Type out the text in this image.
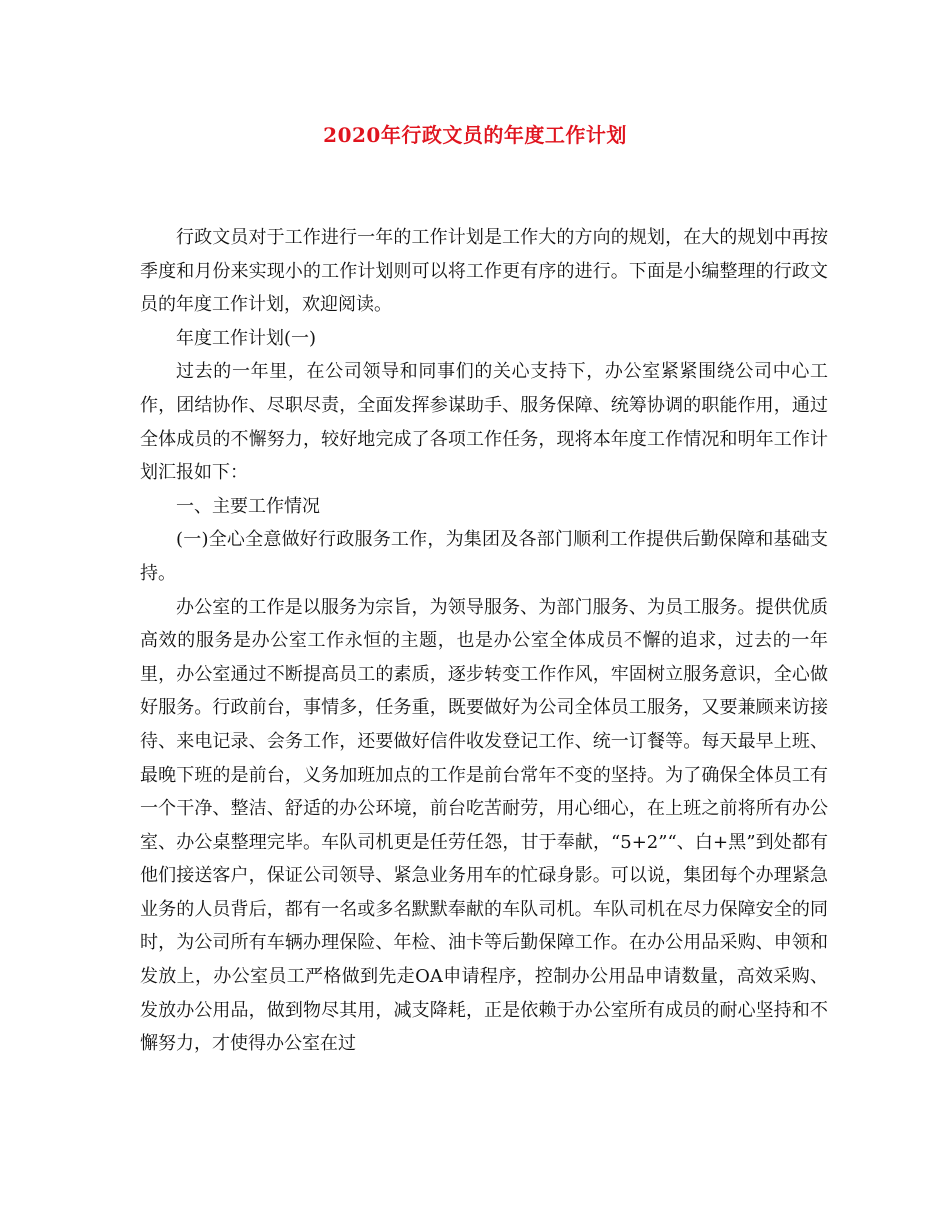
2020年行政文员的年度工作计划

行政文员对于工作进行一年的工作计划是工作大的方向的规划，在大的规划中再按季度和月份来实现小的工作计划则可以将工作更有序的进行。下面是小编整理的行政文员的年度工作计划，欢迎阅读。

年度工作计划(一)

过去的一年里，在公司领导和同事们的关心支持下，办公室紧紧围绕公司中心工作，团结协作、尽职尽责，全面发挥参谋助手、服务保障、统筹协调的职能作用，通过全体成员的不懈努力，较好地完成了各项工作任务，现将本年度工作情况和明年工作计划汇报如下：

一、主要工作情况

(一)全心全意做好行政服务工作，为集团及各部门顺利工作提供后勤保障和基础支持。

办公室的工作是以服务为宗旨，为领导服务、为部门服务、为员工服务。提供优质高效的服务是办公室工作永恒的主题，也是办公室全体成员不懈的追求，过去的一年里，办公室通过不断提高员工的素质，逐步转变工作作风，牢固树立服务意识，全心做好服务。行政前台，事情多，任务重，既要做好为公司全体员工服务，又要兼顾来访接待、来电记录、会务工作，还要做好信件收发登记工作、统一订餐等。每天最早上班、最晚下班的是前台，义务加班加点的工作是前台常年不变的坚持。为了确保全体员工有一个干净、整洁、舒适的办公环境，前台吃苦耐劳，用心细心，在上班之前将所有办公室、办公桌整理完毕。车队司机更是任劳任怨，甘于奉献，“5+2”“、白+黑”到处都有他们接送客户，保证公司领导、紧急业务用车的忙碌身影。可以说，集团每个办理紧急业务的人员背后，都有一名或多名默默奉献的车队司机。车队司机在尽力保障安全的同时，为公司所有车辆办理保险、年检、油卡等后勤保障工作。在办公用品采购、申领和发放上，办公室员工严格做到先走OA申请程序，控制办公用品申请数量，高效采购、发放办公用品，做到物尽其用，减支降耗，正是依赖于办公室所有成员的耐心坚持和不懈努力，才使得办公室在过
